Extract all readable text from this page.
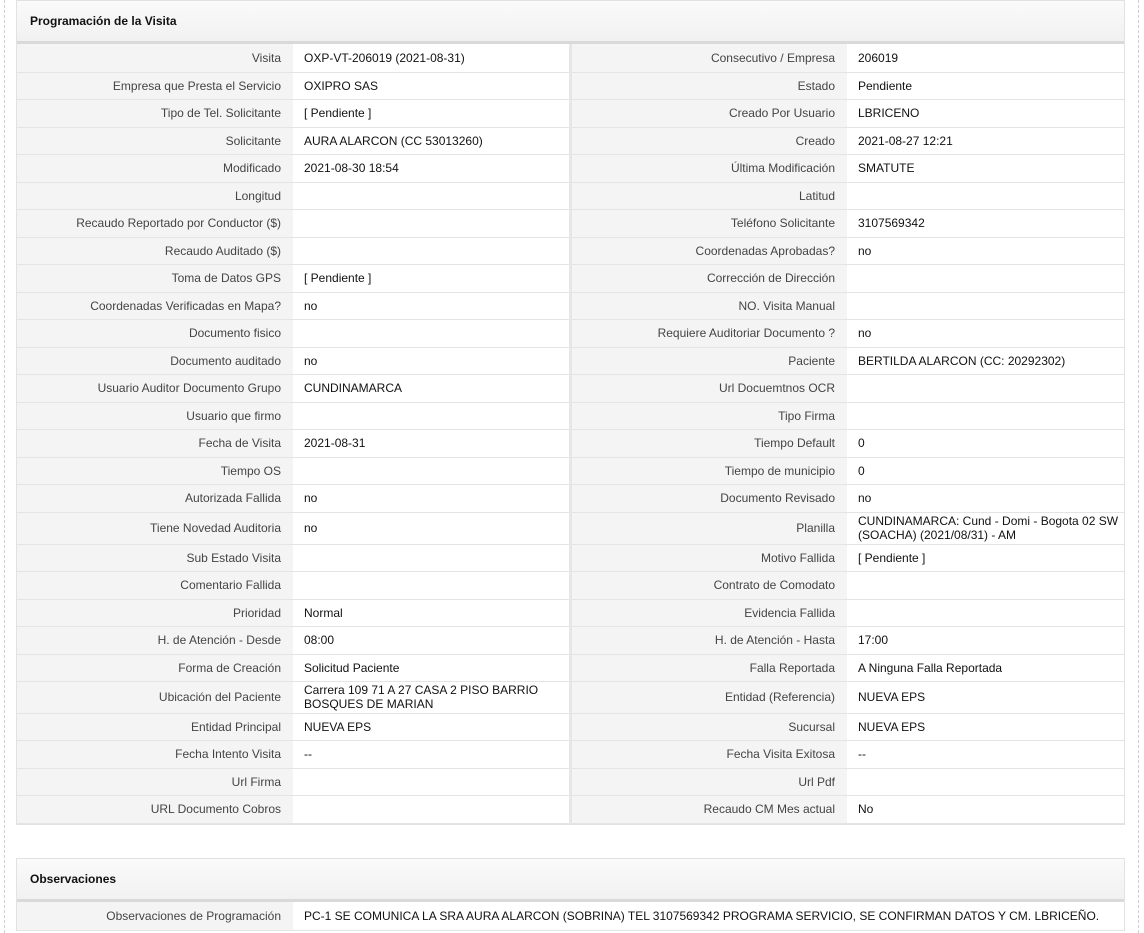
Programación de la Visita
Visita	OXP-VT-206019 (2021-08-31)	Consecutivo / Empresa	206019
Empresa que Presta el Servicio	OXIPRO SAS	Estado	Pendiente
Tipo de Tel. Solicitante	[ Pendiente ]	Creado Por Usuario	LBRICENO
Solicitante	AURA ALARCON (CC 53013260)	Creado	2021-08-27 12:21
Modificado	2021-08-30 18:54	Última Modificación	SMATUTE
Longitud		Latitud	
Recaudo Reportado por Conductor ($)		Teléfono Solicitante	3107569342
Recaudo Auditado ($)		Coordenadas Aprobadas?	no
Toma de Datos GPS	[ Pendiente ]	Corrección de Dirección	
Coordenadas Verificadas en Mapa?	no	NO. Visita Manual	
Documento fisico		Requiere Auditoriar Documento ?	no
Documento auditado	no	Paciente	BERTILDA ALARCON (CC: 20292302)
Usuario Auditor Documento Grupo	CUNDINAMARCA	Url Docuemtnos OCR	
Usuario que firmo		Tipo Firma	
Fecha de Visita	2021-08-31	Tiempo Default	0
Tiempo OS		Tiempo de municipio	0
Autorizada Fallida	no	Documento Revisado	no
Tiene Novedad Auditoria	no	Planilla	CUNDINAMARCA: Cund - Domi - Bogota 02 SW (SOACHA) (2021/08/31) - AM
Sub Estado Visita		Motivo Fallida	[ Pendiente ]
Comentario Fallida		Contrato de Comodato	
Prioridad	Normal	Evidencia Fallida	
H. de Atención - Desde	08:00	H. de Atención - Hasta	17:00
Forma de Creación	Solicitud Paciente	Falla Reportada	A Ninguna Falla Reportada
Ubicación del Paciente	Carrera 109 71 A 27 CASA 2 PISO BARRIO BOSQUES DE MARIAN	Entidad (Referencia)	NUEVA EPS
Entidad Principal	NUEVA EPS	Sucursal	NUEVA EPS
Fecha Intento Visita	--	Fecha Visita Exitosa	--
Url Firma		Url Pdf	
URL Documento Cobros		Recaudo CM Mes actual	No
Observaciones
Observaciones de Programación	PC-1 SE COMUNICA LA SRA AURA ALARCON (SOBRINA) TEL 3107569342 PROGRAMA SERVICIO, SE CONFIRMAN DATOS Y CM. LBRICEÑO.
